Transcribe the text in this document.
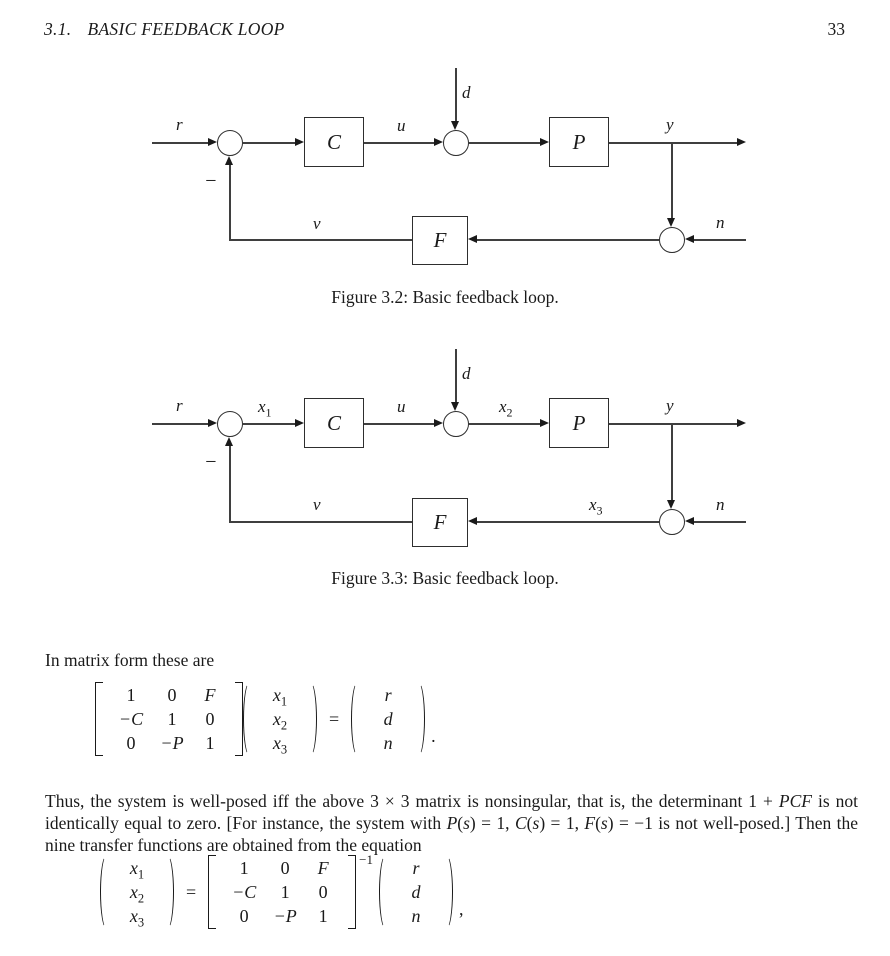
3.1. BASIC FEEDBACK LOOP	33
r
−
C
u
d
P
y
n
F
v
Figure 3.2: Basic feedback loop.
r
−
$x_1$	C
u
d
$x_2$	P
y
n
$x_3$
F
v
Figure 3.3: Basic feedback loop.
In matrix form these are
1	0	F
−C	1	0
0	−P	1
$x_1$
$x_2$
$x_3$
=
r
d
n	.

Thus, the system is well-posed iff the above 3 × 3 matrix is nonsingular, that is, the determinant 1 + PCF is not identically equal to zero. [For instance, the system with P(s) = 1, C(s) = 1, F(s) = −1 is not well-posed.] Then the nine transfer functions are obtained from the equation

$x_1$
$x_2$
$x_3$
=
1	0	F
−C	1	0
0	−P	1
−1	r
d
n	,
